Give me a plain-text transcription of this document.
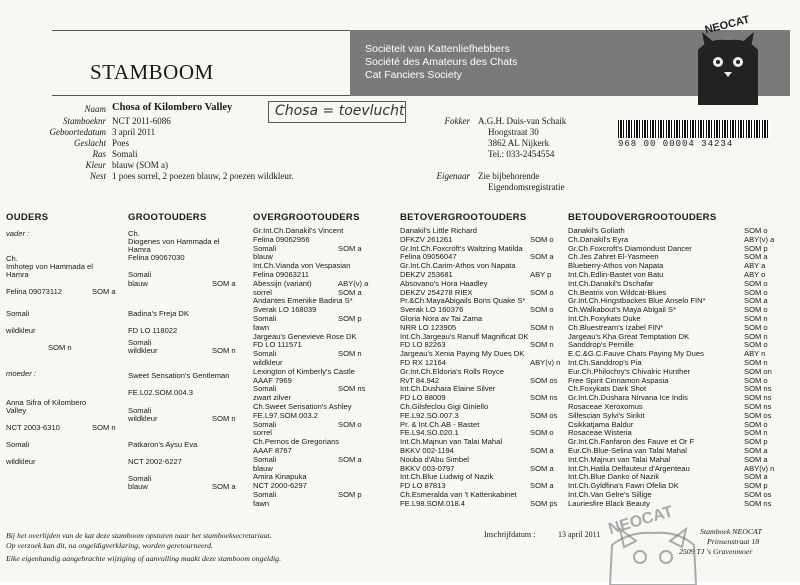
STAMBOOM
Sociëteit van Kattenliefhebbers
Société des Amateurs des Chats
Cat Fanciers Society
NEOCAT
Naam Chosa of Kilombero Valley	Chosa = toevlucht
Stamboeknr NCT 2011-6086
Geboortedatum 3 april 2011
Geslacht Poes
Ras Somali
Kleur blauw (SOM a)
Nest 1 poes sorrel, 2 poezen blauw, 2 poezen wildkleur.
Fokker A.G.H. Duis-van Schaik
Hoogstraat 30
3862 AL Nijkerk
Tel.: 033-2454554
Eigenaar Zie bijbehorende
Eigendomsregistratie
968 00 00004 34234
OUDERS	GROOTOUDERS	OVERGROOTOUDERS	BETOVERGROOTOUDERS	BETOUDOVERGROOTOUDERS
vader :
Ch.
Imhotep von Hammada el
Hamra
Felina 09073112	SOM a
Somali
wildkleur
SOM n
moeder :
Anna Sifra of Kilombero
Valley
NCT 2003-6310	SOM n
Somali
wildkleur
Ch.
Diogenes von Hammada el
Hamra
Felina 09067030
Somali
blauw	SOM a
Badina's Freja DK
FD LO 118022
Somali
wildkleur	SOM n
Sweet Sensation's Gentleman
FE.L02.SOM.004.3
Somali
wildkleur	SOM n
Patkaron's Aysu Eva
NCT 2002-6227
Somali
blauw	SOM a
Gr.Int.Ch.Danakil's Vincent
Felina 09062956
Somali	SOM a
blauw
Int.Ch.Vianda von Vespasian
Felina 09063211
Abessijn (variant)	ABY(v) a
sorrel	SOM a
Andantes Emenike Badina S*
Sverak LO 168039
Somali	SOM p
fawn
Jargeau's Genevieve Rose DK
FD LO 111571
Somali	SOM n
wildkleur
Lexington of Kimberly's Castle
AAAF 7969
Somali	SOM ns
zwart zilver
Ch.Sweet Sensation's Ashley
FE.L97.SOM.003.2
Somali	SOM o
sorrel
Ch.Pernos de Gregorians
AAAF 8767
Somali	SOM a
blauw
Amira Kinapuka
NCT 2000-6297
Somali	SOM p
fawn
Danakil's Little Richard
DFKZV 261261	SOM o
Gr.Int.Ch.Foxcroft's Waltzing Matilda
Felina 09056047	SOM a
Gr.Int.Ch.Carim-Athos von Napata
DEKZV 253681	ABY p
Absovano's Hora Haadley
DEKZV 254278 RIEX	SOM o
Pr.&Ch.MayaAbigails Bons Quake S*
Sverak LO 160376	SOM o
Gloria Nora av Tai Zama
NRR LO 123905	SOM n
Int.Ch.Jargeau's Ranulf Magnificat DK
FD LO 82263	SOM n
Jargeau's Xenia Paying My Dues DK
FD RX 12164	ABY(v) n
Gr.Int.Ch.Eldoria's Rolls Royce
RvT 84.942	SOM os
Int.Ch.Dushara Elaine Silver
FD LO 88009	SOM ns
Ch.Gilsfeclou Gigi Giniello
FE.L92.SO.007.3	SOM os
Pr. & Int.Ch.AB - Bastet
FE.L94.SO.020.1	SOM o
Int.Ch.Majnun van Talai Mahal
BKKV 002-1194	SOM a
Nouba d'Abu Simbel
BKKV 003-0797	SOM a
Int.Ch.Blue Ludwig of Nazik
FD LO 87813	SOM a
Ch.Esmeralda van 't Kattenkabinet
FE.L98.SOM.018.4	SOM ps
Danakil's Goliath	SOM o
Ch.Danakil's Eyra	ABY(v) a
Gr.Ch.Foxcroft's Diamondust Dancer	SOM p
Ch.Jes Zahret El-Yasmeen	SOM a
Blueberry-Athos von Napata	ABY a
Int.Ch.Edlin-Bastet von Batu	ABY o
Int.Ch.Danakil's Dschafar	SOM o
Ch.Beatrix von Wildcat-Blues	SOM o
Gr.Int.Ch.Hingstbackes Blue Anselo FIN*	SOM a
Ch.Walkabout's Maya Abigail S*	SOM o
Int.Ch.Foxykats Duke	SOM n
Ch.Bluestream's Izabel FIN*	SOM o
Jargeau's Kha Great Temptation DK	SOM n
Sanddrop's Pernille	SOM o
E.C.&G.C.Fauve Chats Paying My Dues	ABY n
Int.Ch.Sanddrop's Pia	SOM n
Eur.Ch.Philochry's Chivalric Hunther	SOM on
Free Spirit Cinnamon Aspasia	SOM o
Ch.Foxykats Dark Shot	SOM ns
Gr.Int.Ch.Dushara Nirvana Ice Indis	SOM ns
Rosaceae Xeroxomus	SOM ns
Silfescian Sylvi's Sirikit	SOM os
Csikkatjama Baldur	SOM o
Rosaceae Wisteria	SOM n
Gr.Int.Ch.Fanfaron des Fauve et Or F	SOM p
Eur.Ch.Blue-Selina van Talai Mahal	SOM a
Int.Ch.Majnun van Talai Mahal	SOM a
Int.Ch.Hatila Delfauteur d'Argenteau	ABY(v) n
Int.Ch.Blue Danko of Nazik	SOM a
Int.Ch.Gyldfina's Fawn Ofelia DK	SOM p
Int.Ch.Van Gelre's Sillige	SOM os
Lauriesfire Black Beauty	SOM ns
Bij het overlijden van de kat deze stamboom opsturen naar het stamboeksecretariaat.
Op verzoek kan dit, na ongeldigverklaring, worden geretourneerd.
Elke eigenhandig aangebrachte wijziging of aanvulling maakt deze stamboom ongeldig.
Inschrijfdatum :	13 april 2011	Stamboek NEOCAT
Prinsenstraat 18
2509 TJ 's Gravenmoer
NEOCAT
